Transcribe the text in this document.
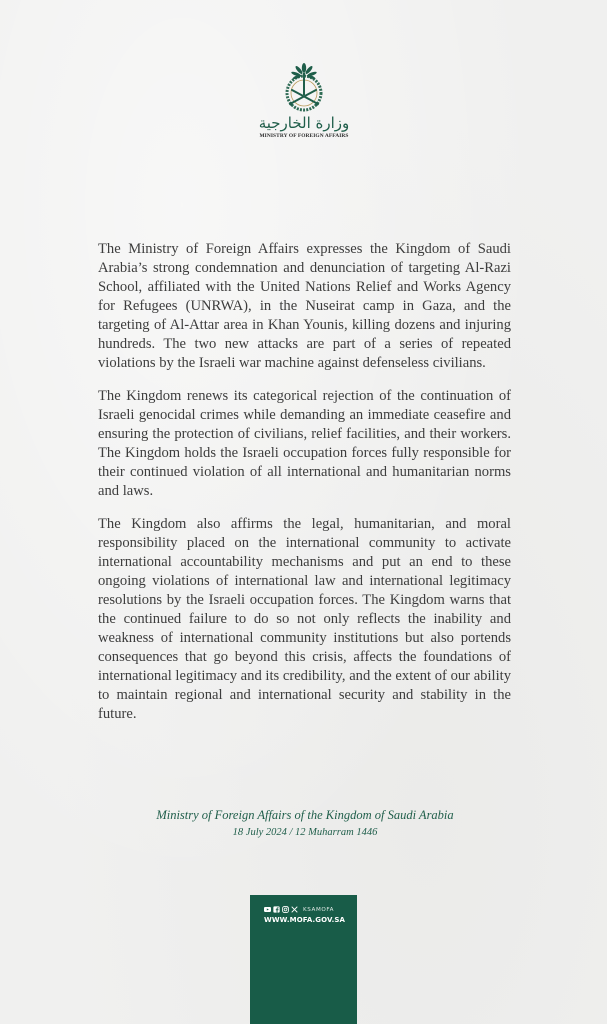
وزارة الخارجية
MINISTRY OF FOREIGN AFFAIRS

The Ministry of Foreign Affairs expresses the Kingdom of Saudi Arabia’s strong condemnation and denunciation of targeting Al-Razi School, affiliated with the United Nations Relief and Works Agency for Refugees (UNRWA), in the Nuseirat camp in Gaza, and the targeting of Al-Attar area in Khan Younis, killing dozens and injuring hundreds. The two new attacks are part of a series of repeated violations by the Israeli war machine against defenseless civilians.

The Kingdom renews its categorical rejection of the continuation of Israeli genocidal crimes while demanding an immediate ceasefire and ensuring the protection of civilians, relief facilities, and their workers. The Kingdom holds the Israeli occupation forces fully responsible for their continued violation of all international and humanitarian norms and laws.

The Kingdom also affirms the legal, humanitarian, and moral responsibility placed on the international community to activate international accountability mechanisms and put an end to these ongoing violations of international law and international legitimacy resolutions by the Israeli occupation forces. The Kingdom warns that the continued failure to do so not only reflects the inability and weakness of international community institutions but also portends consequences that go beyond this crisis, affects the foundations of international legitimacy and its credibility, and the extent of our ability to maintain regional and international security and stability in the future.

Ministry of Foreign Affairs of the Kingdom of Saudi Arabia
18 July 2024 / 12 Muharram 1446
KSAMOFA
WWW.MOFA.GOV.SA
